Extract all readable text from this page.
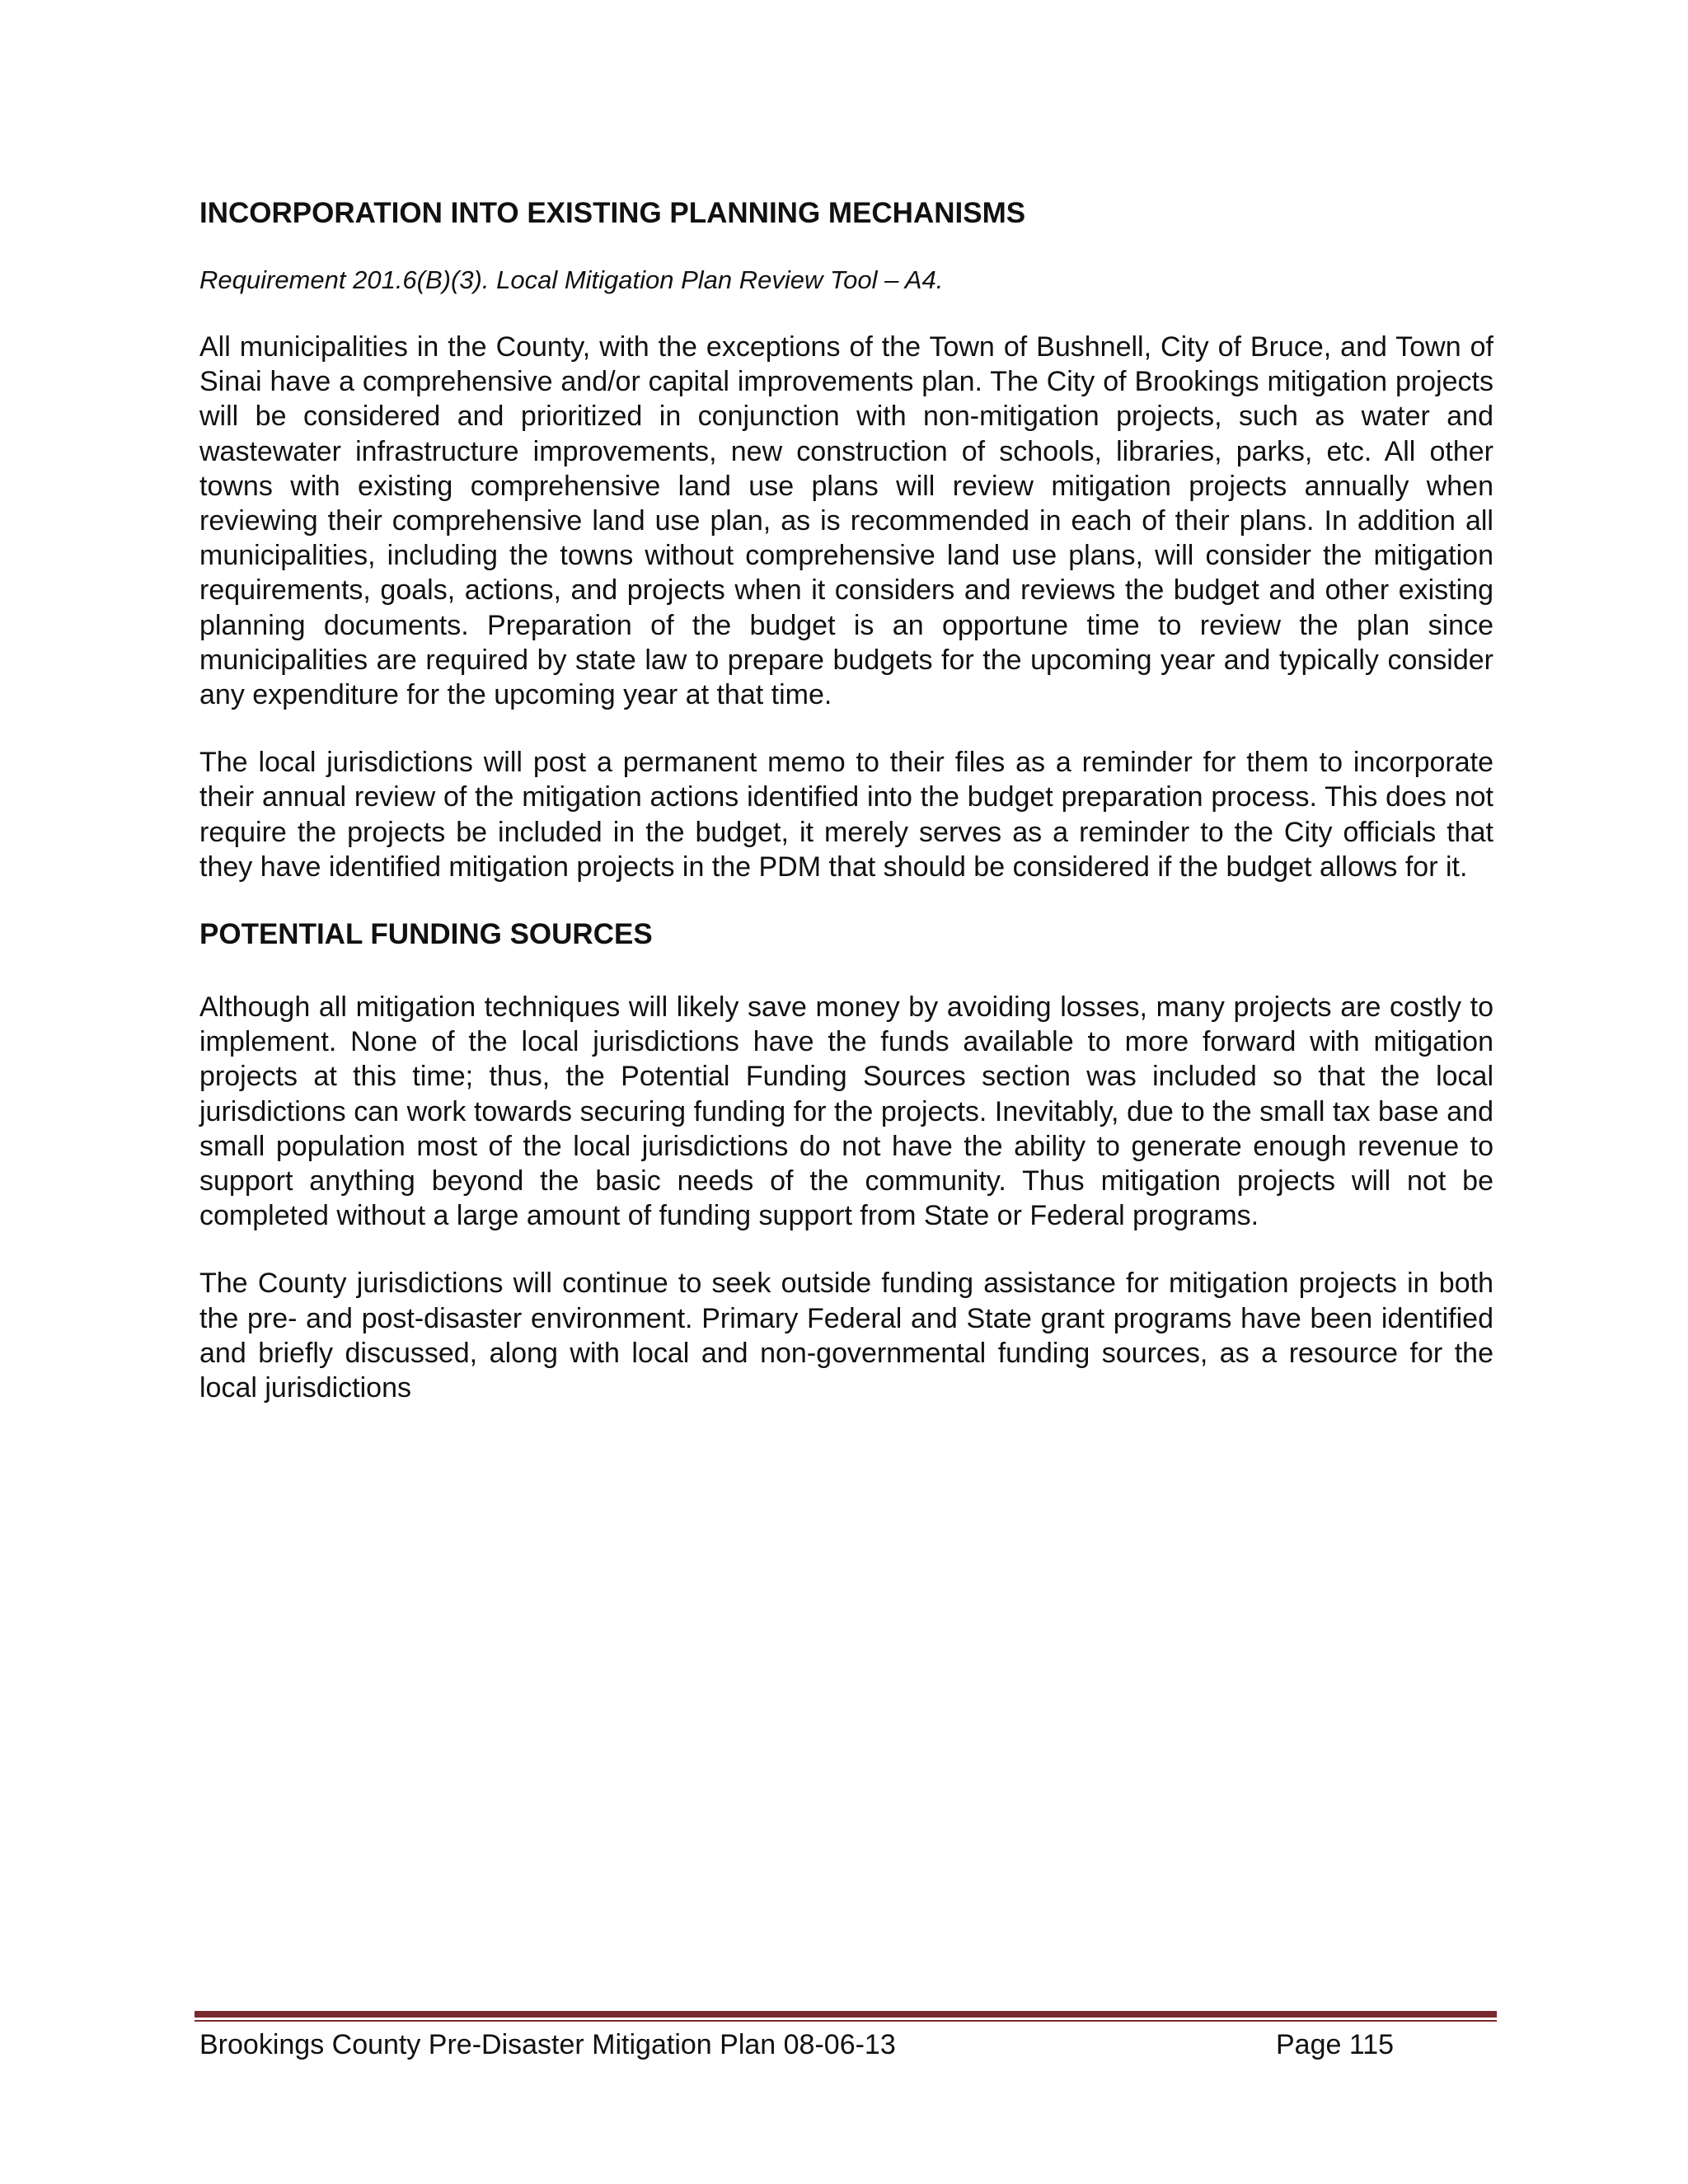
INCORPORATION INTO EXISTING PLANNING MECHANISMS

Requirement 201.6(B)(3). Local Mitigation Plan Review Tool – A4.

All municipalities in the County, with the exceptions of the Town of Bushnell, City of Bruce, and Town of Sinai have a comprehensive and/or capital improvements plan. The City of Brookings mitigation projects will be considered and prioritized in conjunction with non-mitigation projects, such as water and wastewater infrastructure improvements, new construction of schools, libraries, parks, etc. All other towns with existing comprehensive land use plans will review mitigation projects annually when reviewing their comprehensive land use plan, as is recommended in each of their plans. In addition all municipalities, including the towns without comprehensive land use plans, will consider the mitigation requirements, goals, actions, and projects when it considers and reviews the budget and other existing planning documents. Preparation of the budget is an opportune time to review the plan since municipalities are required by state law to prepare budgets for the upcoming year and typically consider any expenditure for the upcoming year at that time.

The local jurisdictions will post a permanent memo to their files as a reminder for them to incorporate their annual review of the mitigation actions identified into the budget preparation process. This does not require the projects be included in the budget, it merely serves as a reminder to the City officials that they have identified mitigation projects in the PDM that should be considered if the budget allows for it.

POTENTIAL FUNDING SOURCES

Although all mitigation techniques will likely save money by avoiding losses, many projects are costly to implement. None of the local jurisdictions have the funds available to more forward with mitigation projects at this time; thus, the Potential Funding Sources section was included so that the local jurisdictions can work towards securing funding for the projects. Inevitably, due to the small tax base and small population most of the local jurisdictions do not have the ability to generate enough revenue to support anything beyond the basic needs of the community. Thus mitigation projects will not be completed without a large amount of funding support from State or Federal programs.

The County jurisdictions will continue to seek outside funding assistance for mitigation projects in both the pre- and post-disaster environment. Primary Federal and State grant programs have been identified and briefly discussed, along with local and non-governmental funding sources, as a resource for the local jurisdictions

Brookings County Pre-Disaster Mitigation Plan 08-06-13	Page 115
